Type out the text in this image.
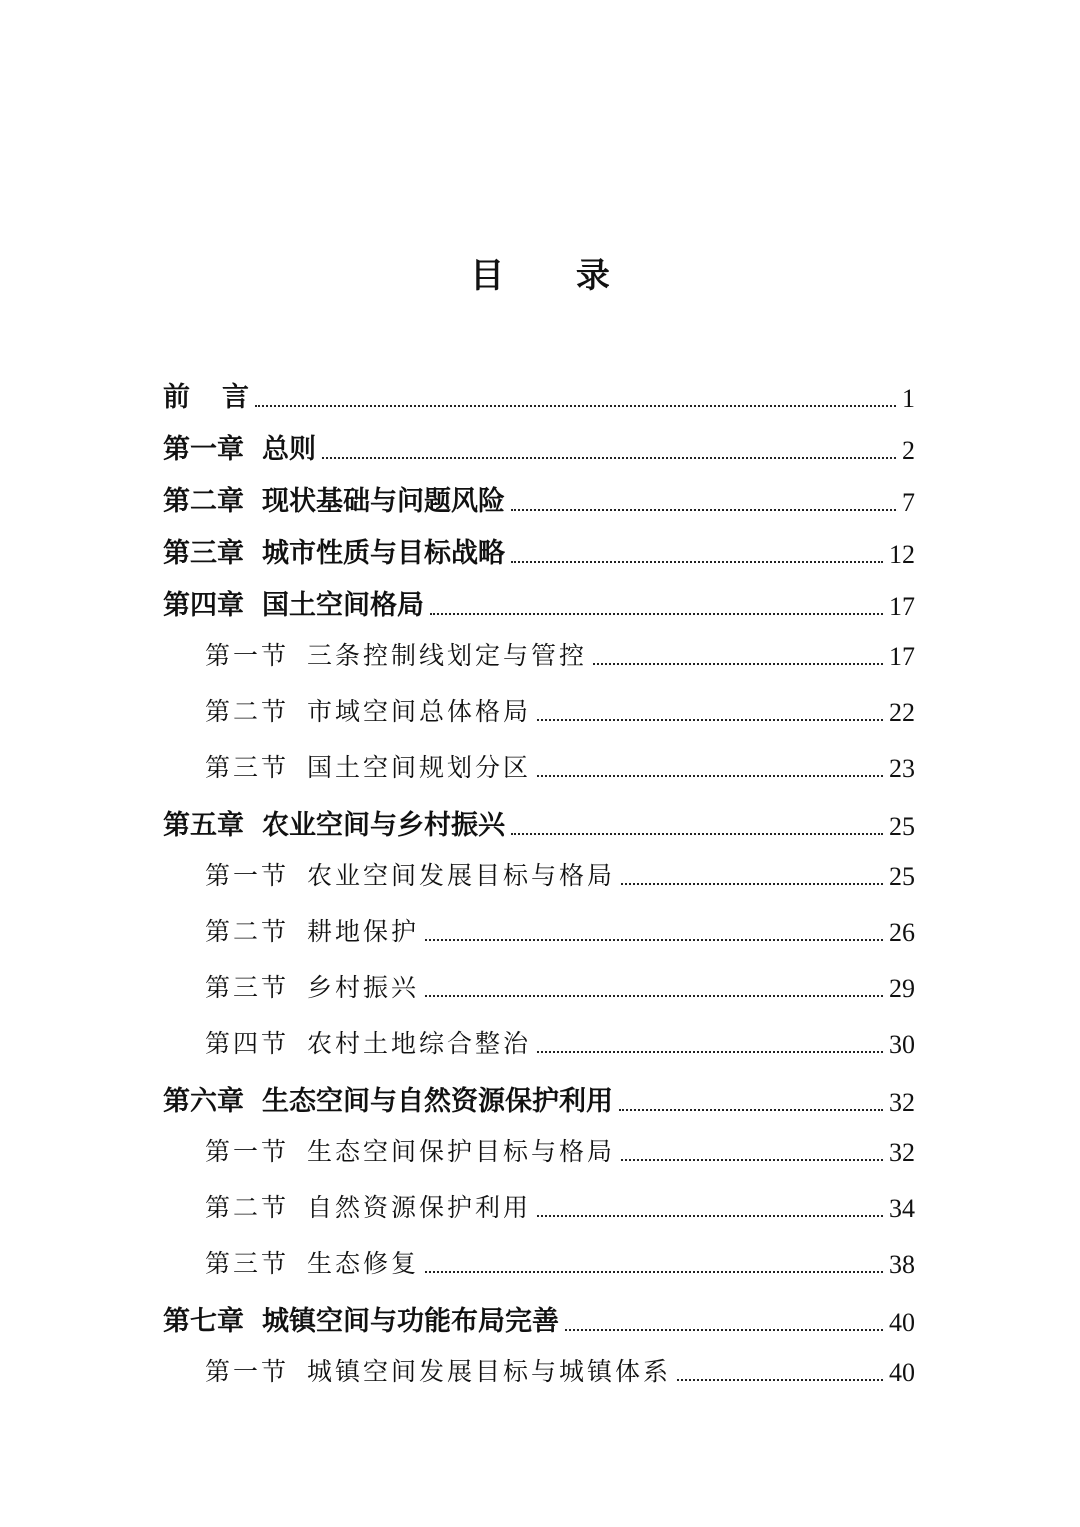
目 录
前 言	1
第一章 总则	2
第二章 现状基础与问题风险	7
第三章 城市性质与目标战略	12
第四章 国土空间格局	17
第一节 三条控制线划定与管控	17
第二节 市域空间总体格局	22
第三节 国土空间规划分区	23
第五章 农业空间与乡村振兴	25
第一节 农业空间发展目标与格局	25
第二节 耕地保护	26
第三节 乡村振兴	29
第四节 农村土地综合整治	30
第六章 生态空间与自然资源保护利用	32
第一节 生态空间保护目标与格局	32
第二节 自然资源保护利用	34
第三节 生态修复	38
第七章 城镇空间与功能布局完善	40
第一节 城镇空间发展目标与城镇体系	40
